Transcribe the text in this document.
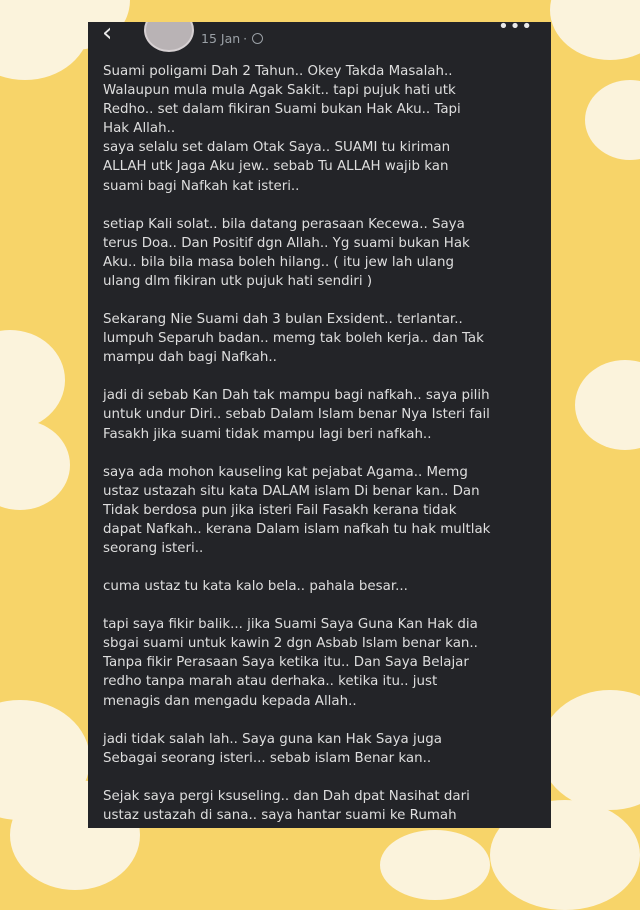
‹	15 Jan ·
•••
Suami poligami Dah 2 Tahun.. Okey Takda Masalah..
Walaupun mula mula Agak Sakit.. tapi pujuk hati utk
Redho.. set dalam fikiran Suami bukan Hak Aku.. Tapi
Hak Allah..
saya selalu set dalam Otak Saya.. SUAMI tu kiriman
ALLAH utk Jaga Aku jew.. sebab Tu ALLAH wajib kan
suami bagi Nafkah kat isteri..
setiap Kali solat.. bila datang perasaan Kecewa.. Saya
terus Doa.. Dan Positif dgn Allah.. Yg suami bukan Hak
Aku.. bila bila masa boleh hilang.. ( itu jew lah ulang
ulang dlm fikiran utk pujuk hati sendiri )
Sekarang Nie Suami dah 3 bulan Exsident.. terlantar..
lumpuh Separuh badan.. memg tak boleh kerja.. dan Tak
mampu dah bagi Nafkah..
jadi di sebab Kan Dah tak mampu bagi nafkah.. saya pilih
untuk undur Diri.. sebab Dalam Islam benar Nya Isteri fail
Fasakh jika suami tidak mampu lagi beri nafkah..
saya ada mohon kauseling kat pejabat Agama.. Memg
ustaz ustazah situ kata DALAM islam Di benar kan.. Dan
Tidak berdosa pun jika isteri Fail Fasakh kerana tidak
dapat Nafkah.. kerana Dalam islam nafkah tu hak multlak
seorang isteri..
cuma ustaz tu kata kalo bela.. pahala besar...
tapi saya fikir balik... jika Suami Saya Guna Kan Hak dia
sbgai suami untuk kawin 2 dgn Asbab Islam benar kan..
Tanpa fikir Perasaan Saya ketika itu.. Dan Saya Belajar
redho tanpa marah atau derhaka.. ketika itu.. just
menagis dan mengadu kepada Allah..
jadi tidak salah lah.. Saya guna kan Hak Saya juga
Sebagai seorang isteri... sebab islam Benar kan..
Sejak saya pergi ksuseling.. dan Dah dpat Nasihat dari
ustaz ustazah di sana.. saya hantar suami ke Rumah
